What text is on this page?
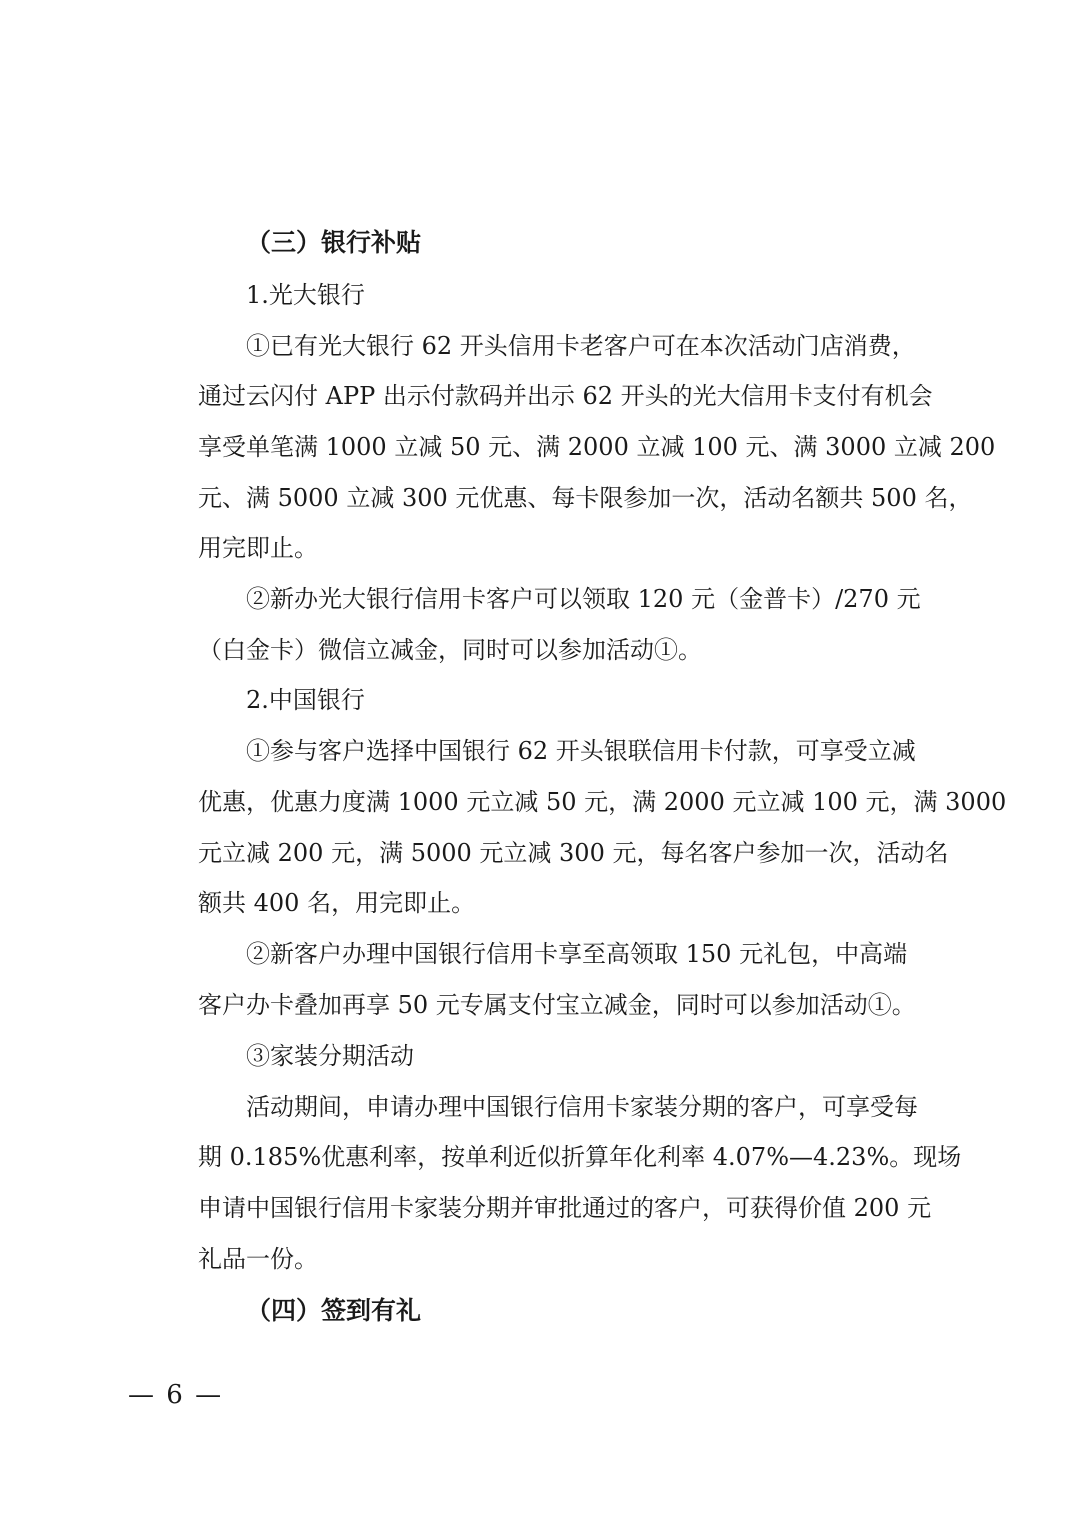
（三）银行补贴
1.光大银行
①已有光大银行 62 开头信用卡老客户可在本次活动门店消费，
通过云闪付 APP 出示付款码并出示 62 开头的光大信用卡支付有机会
享受单笔满 1000 立减 50 元、满 2000 立减 100 元、满 3000 立减 200
元、满 5000 立减 300 元优惠、每卡限参加一次，活动名额共 500 名，
用完即止。
②新办光大银行信用卡客户可以领取 120 元（金普卡）/270 元
（白金卡）微信立减金，同时可以参加活动①。
2.中国银行
①参与客户选择中国银行 62 开头银联信用卡付款，可享受立减
优惠，优惠力度满 1000 元立减 50 元，满 2000 元立减 100 元，满 3000
元立减 200 元，满 5000 元立减 300 元，每名客户参加一次，活动名
额共 400 名，用完即止。
②新客户办理中国银行信用卡享至高领取 150 元礼包，中高端
客户办卡叠加再享 50 元专属支付宝立减金，同时可以参加活动①。
③家装分期活动
活动期间，申请办理中国银行信用卡家装分期的客户，可享受每
期 0.185%优惠利率，按单利近似折算年化利率 4.07%—4.23%。现场
申请中国银行信用卡家装分期并审批通过的客户，可获得价值 200 元
礼品一份。
（四）签到有礼
— 6 —
